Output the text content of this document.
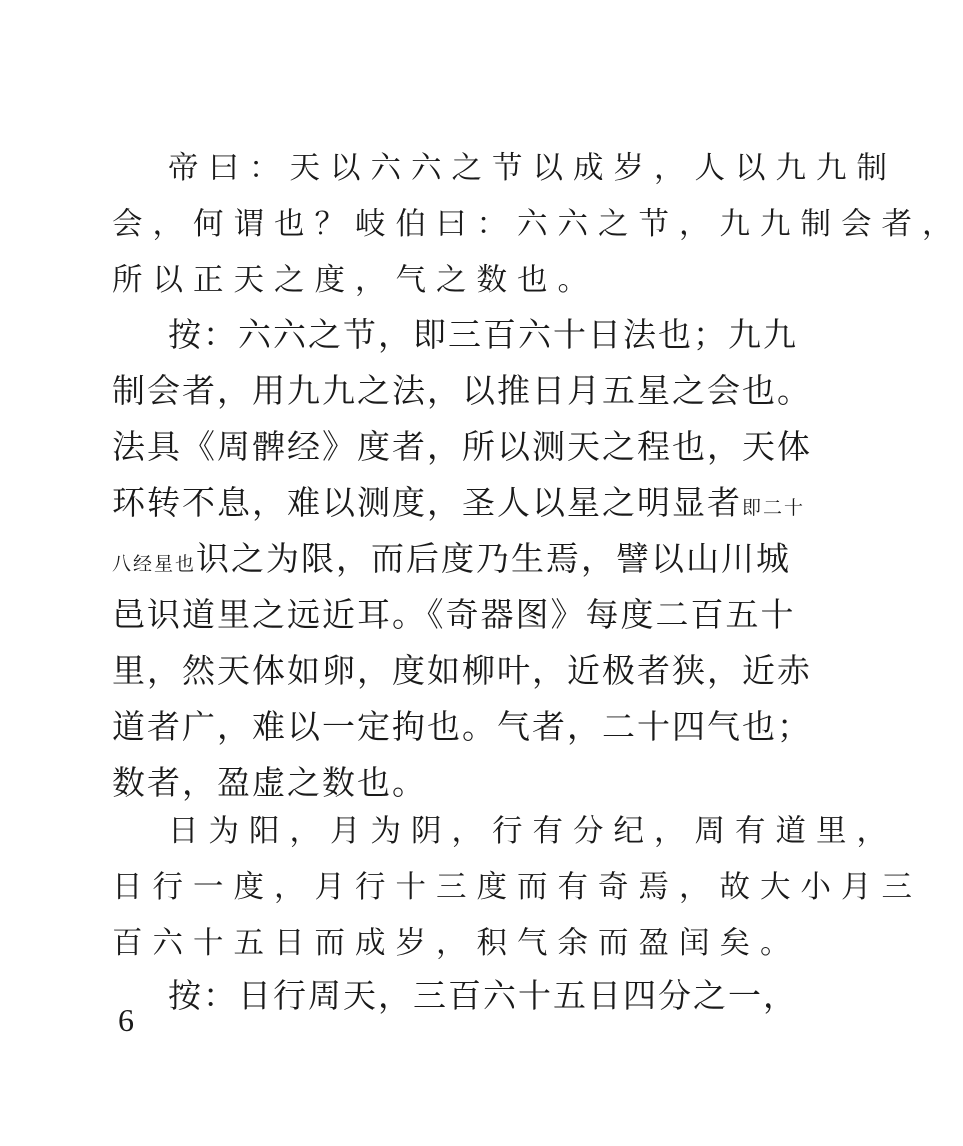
帝曰：天以六六之节以成岁，人以九九制
会，何谓也？岐伯曰：六六之节，九九制会者，
所以正天之度，气之数也。
按：六六之节，即三百六十日法也；九九
制会者，用九九之法，以推日月五星之会也。
法具《周髀经》度者，所以测天之程也，天体
环转不息，难以测度，圣人以星之明显者即二十
八经星也识之为限，而后度乃生焉，譬以山川城
邑识道里之远近耳。《奇器图》每度二百五十
里，然天体如卵，度如柳叶，近极者狭，近赤
道者广，难以一定拘也。气者，二十四气也；
数者，盈虚之数也。
日为阳，月为阴，行有分纪，周有道里，
日行一度，月行十三度而有奇焉，故大小月三
百六十五日而成岁，积气余而盈闰矣。
按：日行周天，三百六十五日四分之一，
6
